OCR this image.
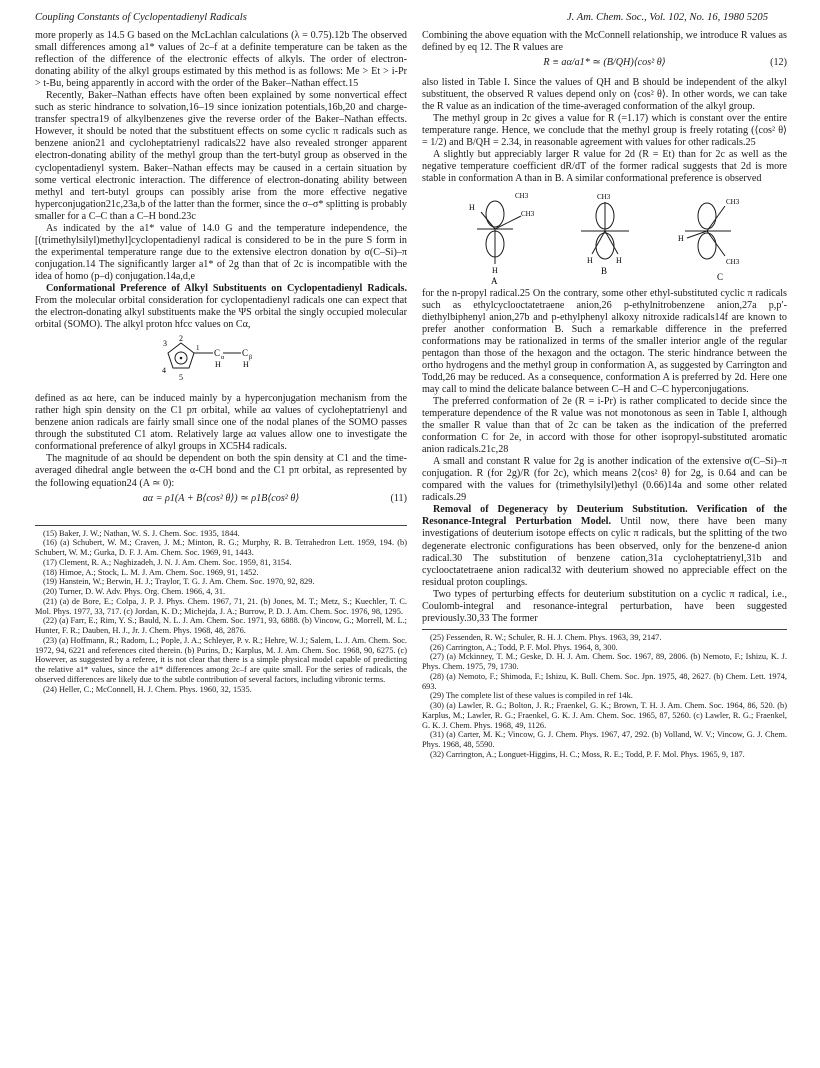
Coupling Constants of Cyclopentadienyl Radicals	J. Am. Chem. Soc., Vol. 102, No. 16, 1980 5205

more properly as 14.5 G based on the McLachlan calculations (λ = 0.75).12b The observed small differences among a1* values of 2c–f at a definite temperature can be taken as the reflection of the difference of the electronic effects of alkyls. The order of electron-donating ability of the alkyl groups estimated by this method is as follows: Me > Et > i-Pr > t-Bu, being apparently in accord with the order of the Baker–Nathan effect.15

Recently, Baker–Nathan effects have often been explained by some nonvertical effect such as steric hindrance to solvation,16–19 since ionization potentials,16b,20 and charge-transfer spectra19 of alkylbenzenes give the reverse order of the Baker–Nathan effects. However, it should be noted that the substituent effects on some cyclic π radicals such as benzene anion21 and cycloheptatrienyl radicals22 have also revealed stronger apparent electron-donating ability of the methyl group than the tert-butyl group as observed in the cyclopentadienyl system. Baker–Nathan effects may be caused in a certain situation by some vertical electronic interaction. The difference of electron-donating ability between methyl and tert-butyl groups can possibly arise from the more effective negative hyperconjugation21c,23a,b of the latter than the former, since the σ–σ* splitting is probably smaller for a C–C than a C–H bond.23c

As indicated by the a1* value of 14.0 G and the temperature independence, the [(trimethylsilyl)methyl]cyclopentadienyl radical is considered to be in the pure S form in the experimental temperature range due to the extensive electron donation by σ(C–Si)–π conjugation.14 The significantly larger a1* of 2g than that of 2c is incompatible with the idea of homo (p–d) conjugation.14a,d,e

Conformational Preference of Alkyl Substituents on Cyclopentadienyl Radicals. From the molecular orbital consideration for cyclopentadienyl radicals one can expect that the electron-donating alkyl substituents make the ΨS orbital the singly occupied molecular orbital (SOMO). The alkyl proton hfcc values on Cα,

3
2
1
4
5
C α C β
H	H

defined as aα here, can be induced mainly by a hyperconjugation mechanism from the rather high spin density on the C1 pπ orbital, while aα values of cycloheptatrienyl and benzene anion radicals are fairly small since one of the nodal planes of the SOMO passes through the substituted C1 atom. Relatively large aα values allow one to investigate the conformational preference of alkyl groups in XC5H4 radicals.

The magnitude of aα should be dependent on both the spin density at C1 and the time-averaged dihedral angle between the α-CH bond and the C1 pπ orbital, as represented by the following equation24 (A ≃ 0):

aα = ρ1(A + B⟨cos² θ⟩) ≃ ρ1B⟨cos² θ⟩	(11)

(15) Baker, J. W.; Nathan, W. S. J. Chem. Soc. 1935, 1844.

(16) (a) Schubert, W. M.; Craven, J. M.; Minton, R. G.; Murphy, R. B. Tetrahedron Lett. 1959, 194. (b) Schubert, W. M.; Gurka, D. F. J. Am. Chem. Soc. 1969, 91, 1443.

(17) Clement, R. A.; Naghizadeh, J. N. J. Am. Chem. Soc. 1959, 81, 3154.

(18) Himoe, A.; Stock, L. M. J. Am. Chem. Soc. 1969, 91, 1452.

(19) Hanstein, W.; Berwin, H. J.; Traylor, T. G. J. Am. Chem. Soc. 1970, 92, 829.

(20) Turner, D. W. Adv. Phys. Org. Chem. 1966, 4, 31.

(21) (a) de Bore, E.; Colpa, J. P. J. Phys. Chem. 1967, 71, 21. (b) Jones, M. T.; Metz, S.; Kuechler, T. C. Mol. Phys. 1977, 33, 717. (c) Jordan, K. D.; Michejda, J. A.; Burrow, P. D. J. Am. Chem. Soc. 1976, 98, 1295.

(22) (a) Farr, E.; Rim, Y. S.; Bauld, N. L. J. Am. Chem. Soc. 1971, 93, 6888. (b) Vincow, G.; Morrell, M. L.; Hunter, F. R.; Dauben, H. J., Jr. J. Chem. Phys. 1968, 48, 2876.

(23) (a) Hoffmann, R.; Radom, L.; Pople, J. A.; Schleyer, P. v. R.; Hehre, W. J.; Salem, L. J. Am. Chem. Soc. 1972, 94, 6221 and references cited therein. (b) Purins, D.; Karplus, M. J. Am. Chem. Soc. 1968, 90, 6275. (c) However, as suggested by a referee, it is not clear that there is a simple physical model capable of predicting the relative a1* values, since the a1* differences among 2c–f are quite small. For the series of radicals, the observed differences are likely due to the subtle contribution of several factors, including vibronic terms.

(24) Heller, C.; McConnell, H. J. Chem. Phys. 1960, 32, 1535.

Combining the above equation with the McConnell relationship, we introduce R values as defined by eq 12. The R values are

R ≡ aα/a1* ≃ (B/QH)⟨cos² θ⟩	(12)

also listed in Table I. Since the values of QH and B should be independent of the alkyl substituent, the observed R values depend only on ⟨cos² θ⟩. In other words, we can take the R value as an indication of the time-averaged conformation of the alkyl group.

The methyl group in 2c gives a value for R (=1.17) which is constant over the entire temperature range. Hence, we conclude that the methyl group is freely rotating (⟨cos² θ⟩ = 1/2) and B/QH = 2.34, in reasonable agreement with values for other radicals.25

A slightly but appreciably larger R value for 2d (R = Et) than for 2c as well as the negative temperature coefficient dR/dT of the former radical suggests that 2d is more stable in conformation A than in B. A similar conformational preference is observed

H
CH3
CH3
H
CH3
H	H
CH3
H
CH3
A
B
C

for the n-propyl radical.25 On the contrary, some other ethyl-substituted cyclic π radicals such as ethylcyclooctatetraene anion,26 p-ethylnitrobenzene anion,27a p,p′-diethylbiphenyl anion,27b and p-ethylphenyl alkoxy nitroxide radicals14f are known to prefer another conformation B. Such a remarkable difference in the preferred conformations may be rationalized in terms of the smaller interior angle of the regular pentagon than those of the hexagon and the octagon. The steric hindrance between the ortho hydrogens and the methyl group in conformation A, as suggested by Carrington and Todd,26 may be reduced. As a consequence, conformation A is preferred by 2d. Here one may call to mind the delicate balance between C–H and C–C hyperconjugations.

The preferred conformation of 2e (R = i-Pr) is rather complicated to decide since the temperature dependence of the R value was not monotonous as seen in Table I, although the smaller R value than that of 2c can be taken as the indication of the preferred conformation C for 2e, in accord with those for other isopropyl-substituted aromatic anion radicals.21c,28

A small and constant R value for 2g is another indication of the extensive σ(C–Si)–π conjugation. R (for 2g)/R (for 2c), which means 2⟨cos² θ⟩ for 2g, is 0.64 and can be compared with the values for (trimethylsilyl)ethyl (0.66)14a and some other related radicals.29

Removal of Degeneracy by Deuterium Substitution. Verification of the Resonance-Integral Perturbation Model. Until now, there have been many investigations of deuterium isotope effects on cylic π radicals, but the splitting of the two degenerate electronic configurations has been observed, only for the benzene-d anion radical.30 The substitution of benzene cation,31a cycloheptatrienyl,31b and cyclooctatetraene anion radical32 with deuterium showed no appreciable effect on the residual proton couplings.

Two types of perturbing effects for deuterium substitution on a cyclic π radical, i.e., Coulomb-integral and resonance-integral perturbation, have been suggested previously.30,33 The former

(25) Fessenden, R. W.; Schuler, R. H. J. Chem. Phys. 1963, 39, 2147.

(26) Carrington, A.; Todd, P. F. Mol. Phys. 1964, 8, 300.

(27) (a) Mckinney, T. M.; Geske, D. H. J. Am. Chem. Soc. 1967, 89, 2806. (b) Nemoto, F.; Ishizu, K. J. Phys. Chem. 1975, 79, 1730.

(28) (a) Nemoto, F.; Shimoda, F.; Ishizu, K. Bull. Chem. Soc. Jpn. 1975, 48, 2627. (b) Chem. Lett. 1974, 693.

(29) The complete list of these values is compiled in ref 14k.

(30) (a) Lawler, R. G.; Bolton, J. R.; Fraenkel, G. K.; Brown, T. H. J. Am. Chem. Soc. 1964, 86, 520. (b) Karplus, M.; Lawler, R. G.; Fraenkel, G. K. J. Am. Chem. Soc. 1965, 87, 5260. (c) Lawler, R. G.; Fraenkel, G. K. J. Chem. Phys. 1968, 49, 1126.

(31) (a) Carter, M. K.; Vincow, G. J. Chem. Phys. 1967, 47, 292. (b) Volland, W. V.; Vincow, G. J. Chem. Phys. 1968, 48, 5590.

(32) Carrington, A.; Longuet-Higgins, H. C.; Moss, R. E.; Todd, P. F. Mol. Phys. 1965, 9, 187.
